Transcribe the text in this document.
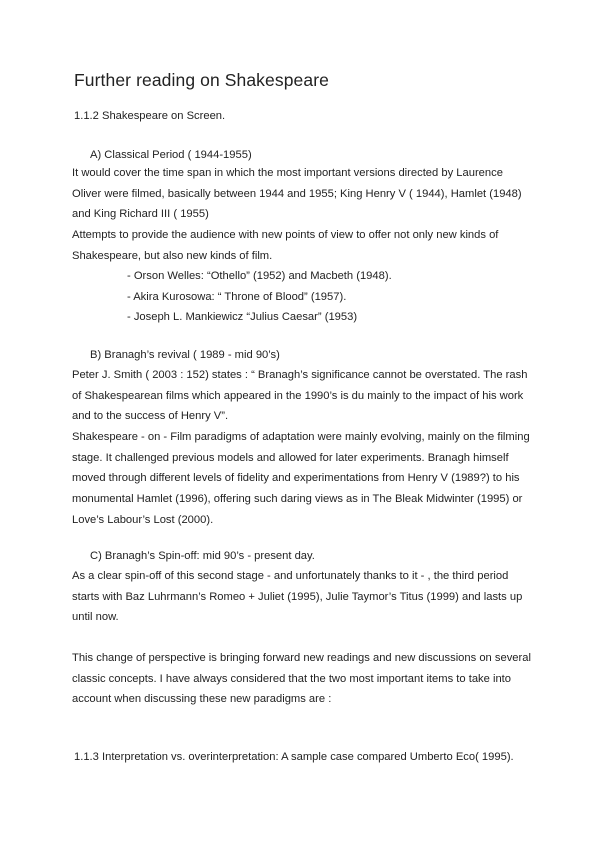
Further reading on Shakespeare
1.1.2 Shakespeare on Screen.
A) Classical Period ( 1944-1955)

It would cover the time span in which the most important versions directed by Laurence
Oliver were filmed, basically between 1944 and 1955; King Henry V ( 1944), Hamlet (1948)
and King Richard III ( 1955)

Attempts to provide the audience with new points of view to offer not only new kinds of
Shakespeare, but also new kinds of film.

- Orson Welles: “Othello” (1952) and Macbeth (1948).
- Akira Kurosowa: “ Throne of Blood” (1957).
- Joseph L. Mankiewicz “Julius Caesar” (1953)
B) Branagh’s revival ( 1989 - mid 90’s)

Peter J. Smith ( 2003 : 152) states : “ Branagh’s significance cannot be overstated. The rash
of Shakespearean films which appeared in the 1990’s is du mainly to the impact of his work
and to the success of Henry V”.

Shakespeare - on - Film paradigms of adaptation were mainly evolving, mainly on the filming
stage. It challenged previous models and allowed for later experiments. Branagh himself
moved through different levels of fidelity and experimentations from Henry V (1989?) to his
monumental Hamlet (1996), offering such daring views as in The Bleak Midwinter (1995) or
Love’s Labour’s Lost (2000).

C) Branagh’s Spin-off: mid 90’s - present day.

As a clear spin-off of this second stage - and unfortunately thanks to it - , the third period
starts with Baz Luhrmann’s Romeo + Juliet (1995), Julie Taymor’s Titus (1999) and lasts up
until now.

This change of perspective is bringing forward new readings and new discussions on several
classic concepts. I have always considered that the two most important items to take into
account when discussing these new paradigms are :

1.1.3 Interpretation vs. overinterpretation: A sample case compared Umberto Eco( 1995).
